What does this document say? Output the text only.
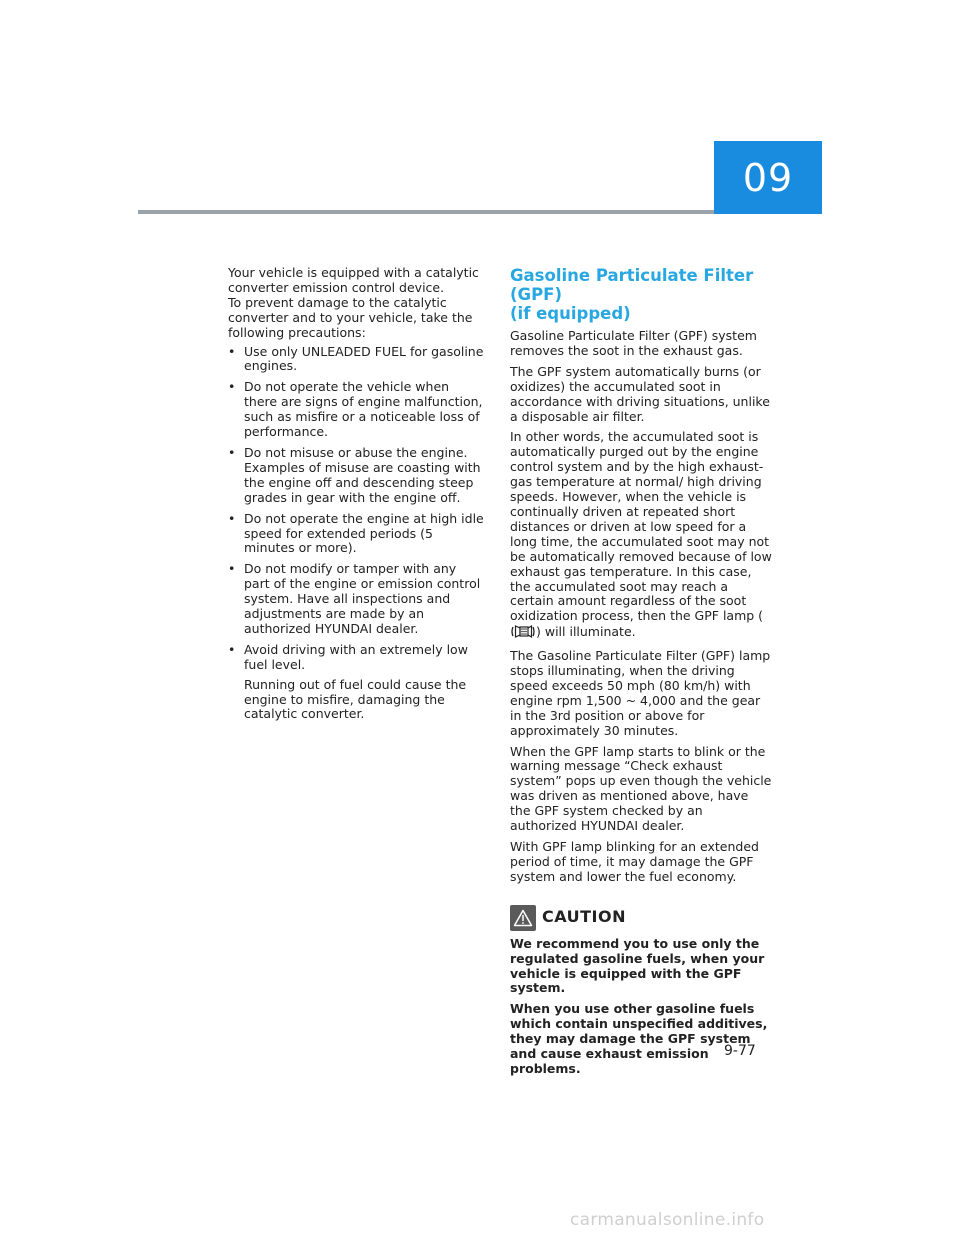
09
Your vehicle is equipped with a catalytic converter emission control device.
To prevent damage to the catalytic converter and to your vehicle, take the following precautions:
• Use only UNLEADED FUEL for gasoline engines.
• Do not operate the vehicle when there are signs of engine malfunction, such as misfire or a noticeable loss of performance.
• Do not misuse or abuse the engine. Examples of misuse are coasting with the engine off and descending steep grades in gear with the engine off.
• Do not operate the engine at high idle speed for extended periods (5 minutes or more).
• Do not modify or tamper with any part of the engine or emission control system. Have all inspections and adjustments are made by an authorized HYUNDAI dealer.
• Avoid driving with an extremely low fuel level.

Running out of fuel could cause the engine to misfire, damaging the catalytic converter.

Gasoline Particulate Filter (GPF)
(if equipped)

Gasoline Particulate Filter (GPF) system removes the soot in the exhaust gas.

The GPF system automatically burns (or oxidizes) the accumulated soot in accordance with driving situations, unlike a disposable air filter.

In other words, the accumulated soot is automatically purged out by the engine control system and by the high exhaust-gas temperature at normal/ high driving speeds. However, when the vehicle is continually driven at repeated short distances or driven at low speed for a long time, the accumulated soot may not be automatically removed because of low exhaust gas temperature. In this case, the accumulated soot may reach a certain amount regardless of the soot oxidization process, then the GPF lamp () will illuminate.

The Gasoline Particulate Filter (GPF) lamp stops illuminating, when the driving speed exceeds 50 mph (80 km/h) with engine rpm 1,500 ~ 4,000 and the gear in the 3rd position or above for approximately 30 minutes.

When the GPF lamp starts to blink or the warning message “Check exhaust system” pops up even though the vehicle was driven as mentioned above, have the GPF system checked by an authorized HYUNDAI dealer.

With GPF lamp blinking for an extended period of time, it may damage the GPF system and lower the fuel economy.

CAUTION

We recommend you to use only the regulated gasoline fuels, when your vehicle is equipped with the GPF system.

When you use other gasoline fuels which contain unspecified additives, they may damage the GPF system and cause exhaust emission problems.

9-77
carmanualsonline.info
